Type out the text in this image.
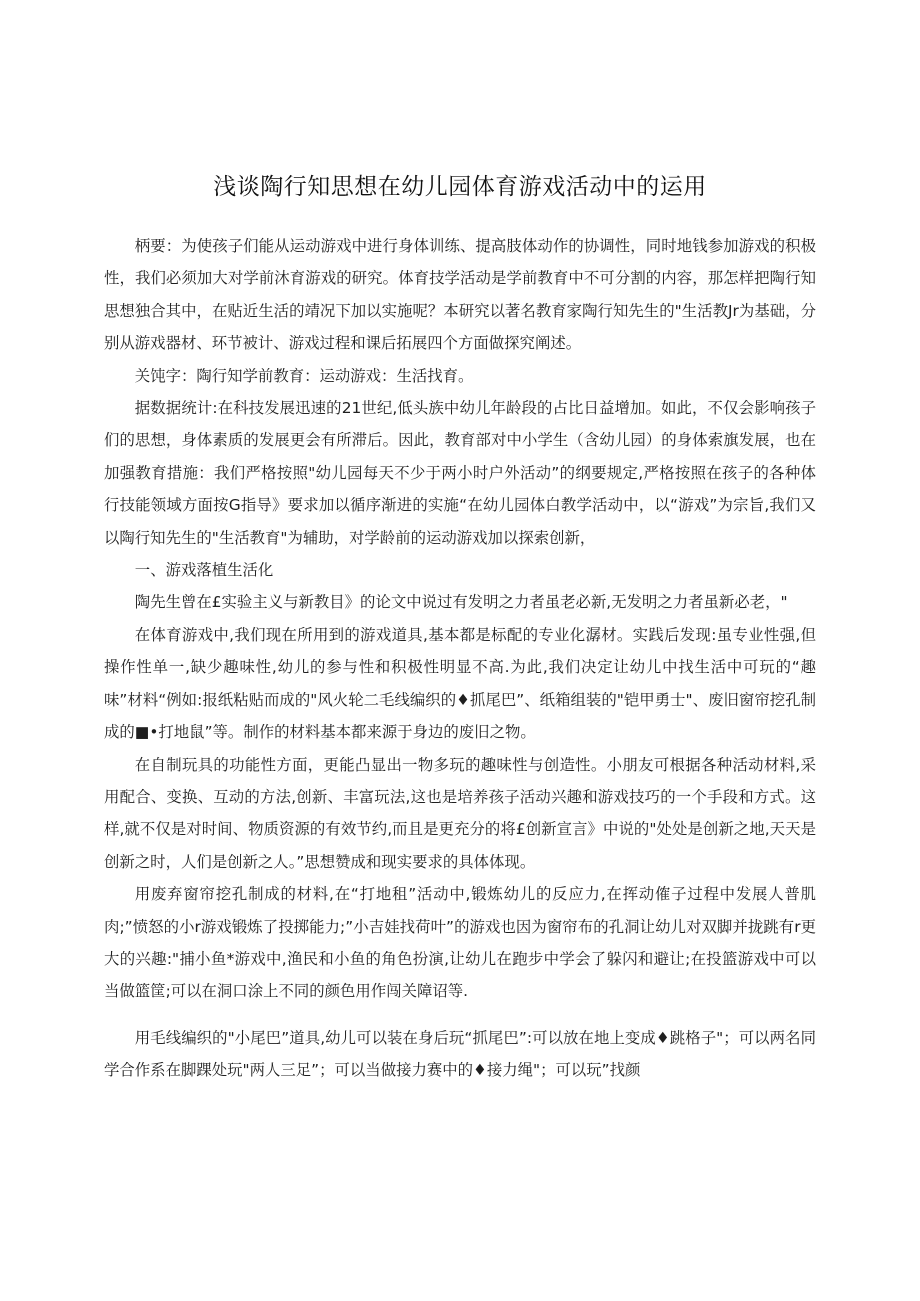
浅谈陶行知思想在幼儿园体育游戏活动中的运用

柄要：为使孩子们能从运动游戏中进行身体训练、提高肢体动作的协调性，同时地钱参加游戏的积极性，我们必须加大对学前沐育游戏的研究。体育技学活动是学前教育中不可分割的内容，那怎样把陶行知思想独合其中，在贴近生活的靖况下加以实施呢？本研究以著名教育家陶行知先生的"生活教Jr为基础，分别从游戏器材、环节被计、游戏过程和课后拓展四个方面做探究阐述。

关饨字：陶行知学前教育：运动游戏：生活找育。

据数据统计:在科技发展迅速的21世纪,低头族中幼儿年龄段的占比日益增加。如此，不仅会影响孩子们的思想，身体素质的发展更会有所滞后。因此，教育部对中小学生（含幼儿园）的身体索旗发展，也在加强教育措施：我们严格按照"幼儿园每天不少于两小时户外活动”的纲要规定,严格按照在孩子的各种体行技能领域方面按G指导》要求加以循序渐进的实施“在幼儿园体白教学活动中，以“游戏”为宗旨,我们又以陶行知先生的"生活教育"为辅助，对学龄前的运动游戏加以探索创新，

一、游戏落植生活化

陶先生曾在£实验主义与新教目》的论文中说过有发明之力者虽老必新,无发明之力者虽新必老，"

在体育游戏中,我们现在所用到的游戏道具,基本都是标配的专业化潺材。实践后发现:虽专业性强,但操作性单一,缺少趣味性,幼儿的参与性和积极性明显不高.为此,我们决定让幼儿中找生活中可玩的“趣味”材料“例如:报纸粘贴而成的"风火轮二毛线编织的♦抓尾巴”、纸箱组装的"铠甲勇士"、废旧窗帘挖孔制成的■•打地鼠”等。制作的材料基本都来源于身边的废旧之物。

在自制玩具的功能性方面，更能凸显出一物多玩的趣味性与创造性。小朋友可根据各种活动材料,采用配合、变换、互动的方法,创新、丰富玩法,这也是培养孩子活动兴趣和游戏技巧的一个手段和方式。这样,就不仅是对时间、物质资源的有效节约,而且是更充分的将£创新宣言》中说的"处处是创新之地,天天是创新之时，人们是创新之人。”思想赞成和现实要求的具体体现。

用废弃窗帘挖孔制成的材料,在“打地租”活动中,锻炼幼儿的反应力,在挥动傕子过程中发展人普肌肉;”愤怒的小r游戏锻炼了投掷能力;”小吉娃找荷叶”的游戏也因为窗帘布的孔洞让幼儿对双脚并拢跳有r更大的兴趣:"捕小鱼*游戏中,渔民和小鱼的角色扮演,让幼儿在跑步中学会了躲闪和避让;在投篮游戏中可以当做篮筐;可以在洞口涂上不同的颜色用作闯关障诏等.

用毛线编织的"小尾巴”道具,幼儿可以装在身后玩“抓尾巴”:可以放在地上变成♦跳格子"；可以两名同学合作系在脚踝处玩"两人三足”；可以当做接力赛中的♦接力绳"；可以玩”找颜
